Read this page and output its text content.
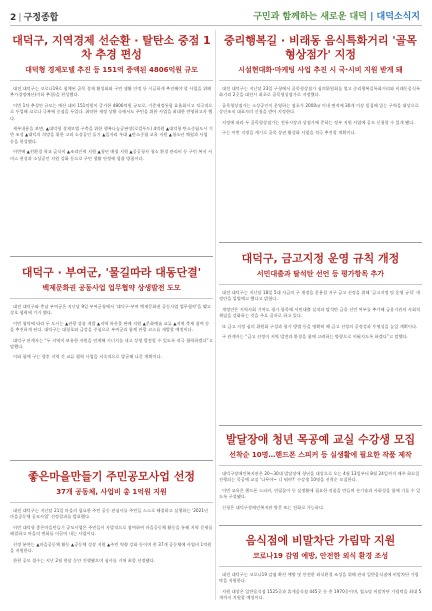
2 | 구정종합	구민과 함께하는 새로운 대덕 | 대덕소식지
대덕구, 지역경제 선순환 · 탈탄소 중점 1차 추경 편성
대덕형 경제모델 추진 등 151억 증액된 4806억원 규모

대전 대덕구는 코로나19로 침체된 골목 경제 활성화와 구민 생활 안정 등 시급하게 추진해야 할 사업을 위해 추가경정예산(이하 추경)을 편성했다.

이번 1차 추경안 규모는 예산 대비 151억원이 증가한 4806억원 규모로, 기준재정통합 효율화시고 적극적으로 투입해 코로나 극복에 중점을 두었다. 취약한 재정 상황 속에서도 주민을 위한 사업을 최대한 반영하고자 했다.

세부내용을 보면, ▲대덕형 경제모델 구축을 위한 행복나눔공판장(로컬푸드) 4억원 ▲대덕형 탄소중립도시 기반 조성 ▲대덕의 희망을 위한 고리 소상공인 돕기 ▲일자리 우대 ▲탄소중립 교육 지원 ▲청소년 체험과 사업 등을 편성했다.

이번에 ▲친환경 학교 급식비 ▲조리인력 지원 ▲청년 매칭 지원 ▲공공청사 청소 환경 관리비 등 구민 복지 서비스 편성과 소상공인 지원 강화 등으로 구민 생활 안정에 힘쓸 방침이다.

대덕구 · 부여군, '물길따라 대동단결'
백제문화권 공동사업 업무협약 상생발전 도모

대전 대덕구와 충남 부여군은 지난달 9일 부여군청에서 '대덕구-부여 백제문화권 공동사업 업무협약'을 맺고 상호 협력에 기거 했다.

이번 협약에 따라 두 도시는 ▲관광 상품 개발 ▲지역 특산물 판매 지원 ▲문화예술 교류 ▲지역 축제 참여 등을 추진하게 된다. 대덕구는 대청호와 금강을 중심으로 부여군과 함께 관광 코스를 개발할 예정이다.

대덕구 관계자는 “두 지역이 보유한 자원을 연계해 시너지를 내고 상생 발전할 수 있도록 적극 협력하겠다”고 말했다.

이와 함께 구는 향후 지역 간 교류 협력 사업을 지속적으로 발굴해 나갈 계획이다.

좋은마을만들기 주민공모사업 선정
37개 공동체, 사업비 총 1억원 지원

대전 대덕구는 지난달 21일 마을의 필요한 주민 공동 관심사를 주민들 스스로 해결하고 실행하는 '2021년 마을공동체 공모사업' 선정결과를 발표했다.

이번 대덕형 좋은마을만들기 공모사업은 주민들이 자발적으로 참여하여 마을공동체 활동을 통해 지역 문제를 해결하고 마을의 변화를 이끌어 내는 사업이다.

선정 분야는 ▲마을공동체 활동 ▲공동체 성장 지원 ▲주민 역량 강화 등이며 총 37개 공동체에 사업비 1억원을 지원한다.

한편 공모 접수는 지난 2월 한달 동안 진행됐으며 심사를 거쳐 최종 선정됐다.

중리행복길 · 비래동 음식특화거리 '골목형상점가' 지정
시설현대화·마케팅 사업 추진 시 국·시비 지원 받게 돼

대전 대덕구는 지난달 23일 구청에서 골목형상점가 심의위원회를 열고 중리행복길특화거리와 비래동음식특화거리 2곳을 대전시 최초로 골목형상점가로 지정했다.

골목형상점가는 소상공인이 운영하는 점포가 2000㎡ 이내 면적에 30개 이상 밀집해 있는 구역을 대상으로 상인조직 대표자의 신청을 받아 지정한다.

지정에 따라 두 골목형상점가는 전통시장과 상점가에 준하는 정부 지원 사업에 공모 신청할 수 있게 됐다.

구는 이번 지정을 계기로 골목 상권 활성화 사업을 적극 추진할 계획이다.

대덕구, 금고지정 운영 규칙 개정
서민대출과 탈석탄 선언 등 평가항목 추가

대전 대덕구는 지난달 18일 5대 자금의 구 재정을 운용할 지구 금고 선정을 위해 '금고지정 및 운영 규칙' 개정안을 입법예고 했다고 밝혔다.

개정안은 지역사회 기여도 평가 항목에 서민대출 실적과 탈석탄 금융 선언 여부를 추가해 금융기관의 사회적 책임을 강화하는 것을 주요 골자로 하고 있다.

또 금고 지정 심의 위원회 구성과 평가 방법 등을 명확히 해 금고 선정의 공정성과 투명성을 높일 계획이다.

구 관계자는 “금고 선정이 지역 발전과 환경을 함께 고려하는 방향으로 이뤄지도록 하겠다”고 말했다.

발달장애 청년 목공예 교실 수강생 모집
선착순 10명…핸드폰 스피커 등 실생활에 필요한 작품 제작

대덕구장애인복지관은 20~30대 발달장애 청년을 대상으로 오는 4월 13일부터 8월 24일까지 매주 화요일 진행되는 목공예 교실 '나무야~ 너 뭐야?' 수강생 10명을 선착순 모집한다.

이번 교육은 핸드폰 스피커, 연필꽂이 등 실생활에 필요한 작품을 만들며 손기술과 사회성을 함께 기를 수 있도록 구성됐다.

신청은 대덕구장애인복지관 방문 또는 전화로 가능하다.

음식점에 비말차단 가림막 지원
코로나19 감염 예방, 안전한 외식 환경 조성

대전 대덕구는 코로나19 감염 확산 예방 및 안전한 외식환경 조성을 위해 관내 일반음식점에 비말차단 가림막을 지원한다.

지원 대상은 일반음식점 1525곳과 휴게음식점 445곳 등 총 1970곳이며, 업소당 비말차단 가림막을 최대 5개까지 지원할 예정이다.
